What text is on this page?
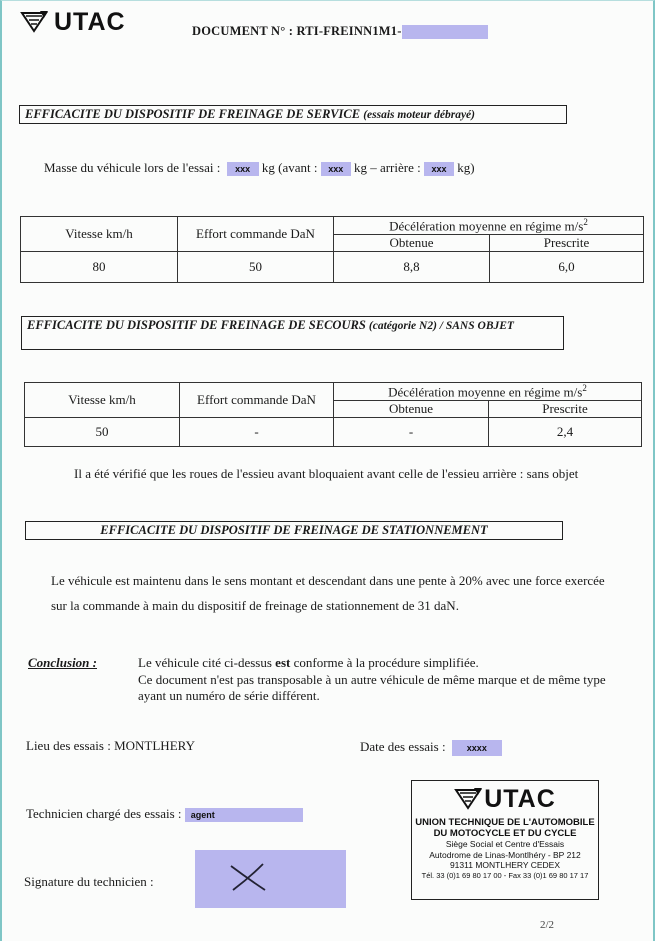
UTAC	DOCUMENT N° : RTI-FREINN1M1-
EFFICACITE DU DISPOSITIF DE FREINAGE DE SERVICE (essais moteur débrayé)
Masse du véhicule lors de l'essai : xxx kg (avant : xxx kg – arrière : xxx kg)
Vitesse km/h	Effort commande DaN	Décélération moyenne en régime $m/s^2$
		Obtenue	Prescrite
80	50	8,8	6,0
EFFICACITE DU DISPOSITIF DE FREINAGE DE SECOURS (catégorie N2) / SANS OBJET
Vitesse km/h	Effort commande DaN	Décélération moyenne en régime $m/s^2$
		Obtenue	Prescrite
50	-	-	2,4
Il a été vérifié que les roues de l'essieu avant bloquaient avant celle de l'essieu arrière : sans objet
EFFICACITE DU DISPOSITIF DE FREINAGE DE STATIONNEMENT
Le véhicule est maintenu dans le sens montant et descendant dans une pente à 20% avec une force exercée
sur la commande à main du dispositif de freinage de stationnement de 31 daN.
Conclusion :	Le véhicule cité ci-dessus est conforme à la procédure simplifiée.
Ce document n'est pas transposable à un autre véhicule de même marque et de même type
ayant un numéro de série différent.
Lieu des essais : MONTLHERY	Date des essais : xxxx
Technicien chargé des essais : agent
Signature du technicien :
UTAC
UNION TECHNIQUE DE L'AUTOMOBILE
DU MOTOCYCLE ET DU CYCLE
Siège Social et Centre d'Essais
Autodrome de Linas-Montlhéry - BP 212
91311 MONTLHERY CEDEX
Tél. 33 (0)1 69 80 17 00 - Fax 33 (0)1 69 80 17 17
2/2
